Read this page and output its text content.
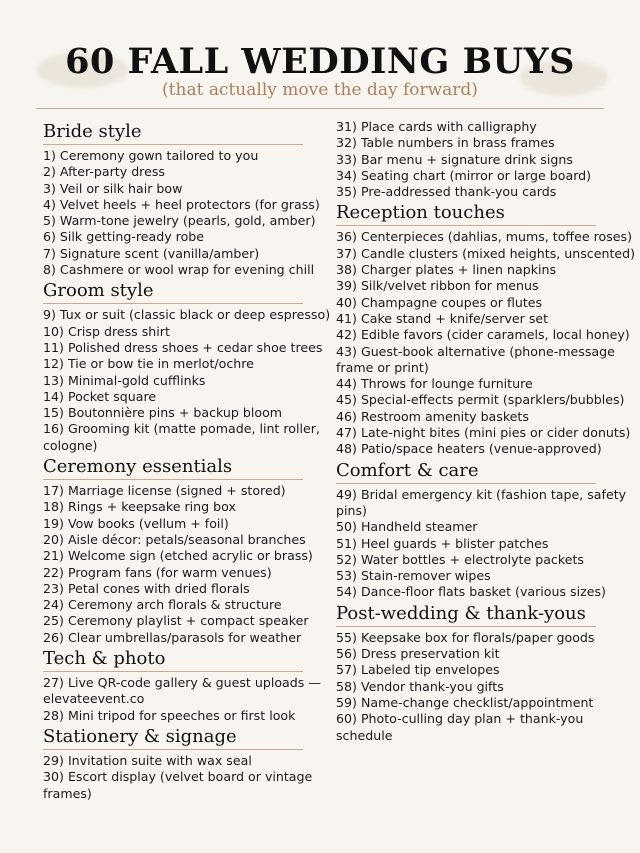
60 FALL WEDDING BUYS
(that actually move the day forward)
Bride style
1) Ceremony gown tailored to you
2) After-party dress
3) Veil or silk hair bow
4) Velvet heels + heel protectors (for grass)
5) Warm-tone jewelry (pearls, gold, amber)
6) Silk getting-ready robe
7) Signature scent (vanilla/amber)
8) Cashmere or wool wrap for evening chill
Groom style
9) Tux or suit (classic black or deep espresso)
10) Crisp dress shirt
11) Polished dress shoes + cedar shoe trees
12) Tie or bow tie in merlot/ochre
13) Minimal-gold cufflinks
14) Pocket square
15) Boutonnière pins + backup bloom
16) Grooming kit (matte pomade, lint roller, cologne)
Ceremony essentials
17) Marriage license (signed + stored)
18) Rings + keepsake ring box
19) Vow books (vellum + foil)
20) Aisle décor: petals/seasonal branches
21) Welcome sign (etched acrylic or brass)
22) Program fans (for warm venues)
23) Petal cones with dried florals
24) Ceremony arch florals & structure
25) Ceremony playlist + compact speaker
26) Clear umbrellas/parasols for weather
Tech & photo
27) Live QR-code gallery & guest uploads — elevateevent.co
28) Mini tripod for speeches or first look
Stationery & signage
29) Invitation suite with wax seal
30) Escort display (velvet board or vintage frames)
31) Place cards with calligraphy
32) Table numbers in brass frames
33) Bar menu + signature drink signs
34) Seating chart (mirror or large board)
35) Pre-addressed thank-you cards
Reception touches
36) Centerpieces (dahlias, mums, toffee roses)
37) Candle clusters (mixed heights, unscented)
38) Charger plates + linen napkins
39) Silk/velvet ribbon for menus
40) Champagne coupes or flutes
41) Cake stand + knife/server set
42) Edible favors (cider caramels, local honey)
43) Guest-book alternative (phone-message frame or print)
44) Throws for lounge furniture
45) Special-effects permit (sparklers/bubbles)
46) Restroom amenity baskets
47) Late-night bites (mini pies or cider donuts)
48) Patio/space heaters (venue-approved)
Comfort & care
49) Bridal emergency kit (fashion tape, safety pins)
50) Handheld steamer
51) Heel guards + blister patches
52) Water bottles + electrolyte packets
53) Stain-remover wipes
54) Dance-floor flats basket (various sizes)
Post-wedding & thank-yous
55) Keepsake box for florals/paper goods
56) Dress preservation kit
57) Labeled tip envelopes
58) Vendor thank-you gifts
59) Name-change checklist/appointment
60) Photo-culling day plan + thank-you schedule
